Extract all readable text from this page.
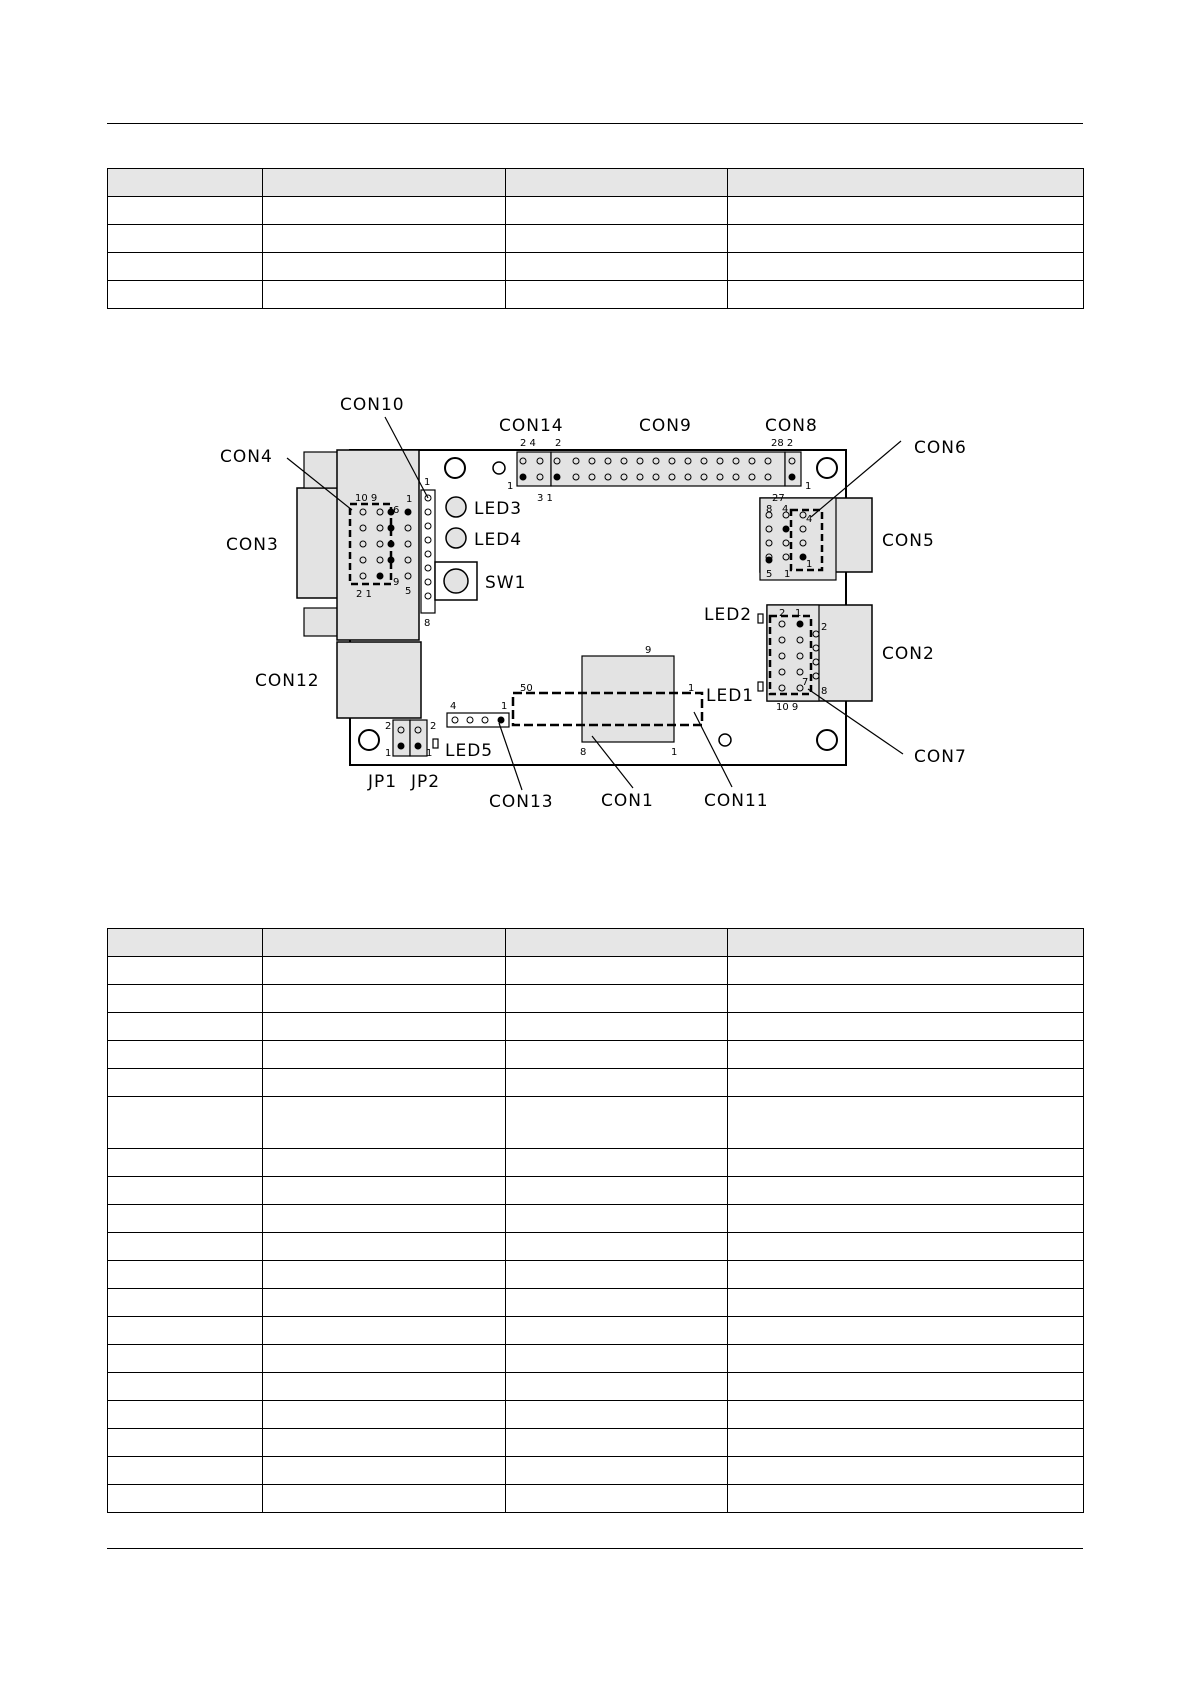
CON10
CON14	CON9	CON8
CON6
CON4
CON3	CON5
LED3
LED4
SW1
LED2
CON2
CON12
LED1
LED5
JP1 JP2
CON13	CON1	CON11
CON7
2 4 2	28 2
1
3 1
1
1
8
10 9
6
1
9
2 1	5
27
8 4
4
5 1
1
2 1
2
7
8
10 9
9
8	1
50	1
4	1
2
1
2
1
